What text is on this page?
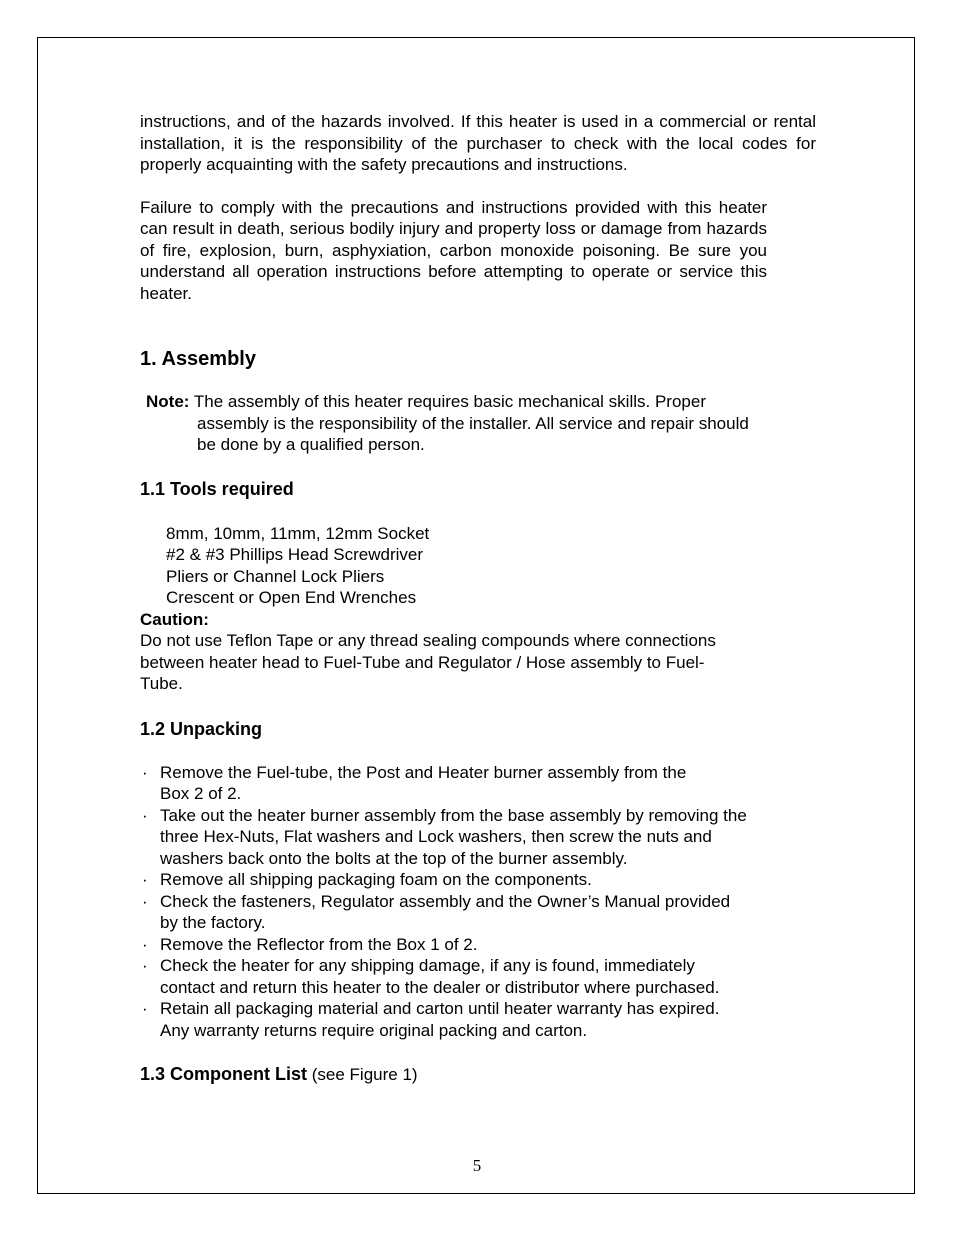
instructions, and of the hazards involved. If this heater is used in a commercial or rental installation, it is the responsibility of the purchaser to check with the local codes for properly acquainting with the safety precautions and instructions.

Failure to comply with the precautions and instructions provided with this heater can result in death, serious bodily injury and property loss or damage from hazards of fire, explosion, burn, asphyxiation, carbon monoxide poisoning. Be sure you understand all operation instructions before attempting to operate or service this heater.

1. Assembly
Note: The assembly of this heater requires basic mechanical skills. Proper
assembly is the responsibility of the installer. All service and repair should
be done by a qualified person.
1.1 Tools required
8mm, 10mm, 11mm, 12mm Socket
#2 & #3 Phillips Head Screwdriver
Pliers or Channel Lock Pliers
Crescent or Open End Wrenches
Caution:
Do not use Teflon Tape or any thread sealing compounds where connections
between heater head to Fuel-Tube and Regulator / Hose assembly to Fuel-
Tube.
1.2 Unpacking
· Remove the Fuel-tube, the Post and Heater burner assembly from the
Box 2 of 2.
· Take out the heater burner assembly from the base assembly by removing the
three Hex-Nuts, Flat washers and Lock washers, then screw the nuts and
washers back onto the bolts at the top of the burner assembly.
· Remove all shipping packaging foam on the components.
· Check the fasteners, Regulator assembly and the Owner’s Manual provided
by the factory.
· Remove the Reflector from the Box 1 of 2.
· Check the heater for any shipping damage, if any is found, immediately
contact and return this heater to the dealer or distributor where purchased.
· Retain all packaging material and carton until heater warranty has expired.
Any warranty returns require original packing and carton.
1.3 Component List (see Figure 1)
5
